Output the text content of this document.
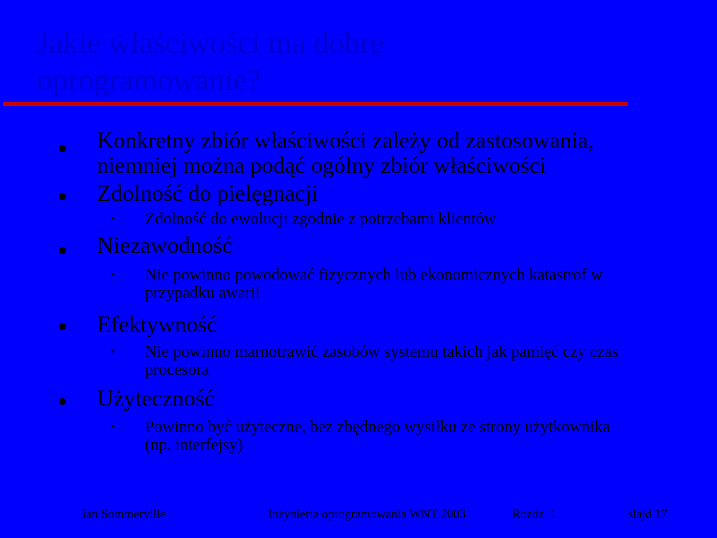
Jakie właściwości ma dobre
oprogramowanie?
Konkretny zbiór właściwości zależy od zastosowania,
niemniej można podąć ogólny zbiór właściwości
Zdolność do pielęgnacji
• Zdolność do ewolucji zgodnie z potrzebami klientów
Niezawodność
• Nie powinno powodować fizycznych lub ekonomicznych katastrof w
przypadku awarii
Efektywność
• Nie powinno marnotrawić zasobów systemu takich jak pamięć czy czas
procesora
Użyteczność
• Powinno być użyteczne, bez zbędnego wysiłku ze strony użytkownika
(np. interfejsy)
Ian Sommerville	Inżynieria oprogramowania WNT 2003	Rozdz. 1	slajd 17
